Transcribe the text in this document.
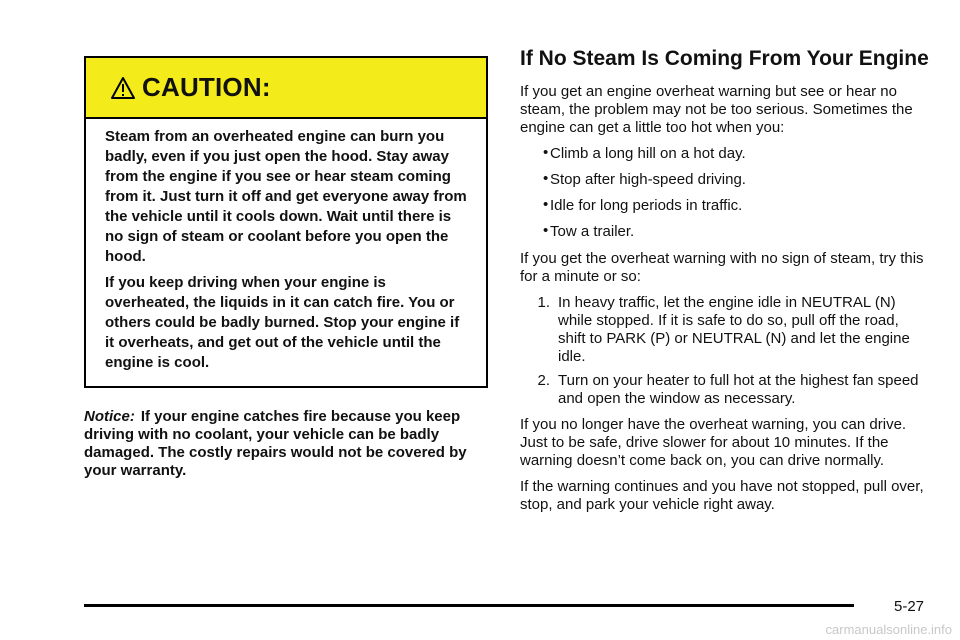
CAUTION:

Steam from an overheated engine can burn you badly, even if you just open the hood. Stay away from the engine if you see or hear steam coming from it. Just turn it off and get everyone away from the vehicle until it cools down. Wait until there is no sign of steam or coolant before you open the hood.

If you keep driving when your engine is overheated, the liquids in it can catch fire. You or others could be badly burned. Stop your engine if it overheats, and get out of the vehicle until the engine is cool.

Notice: If your engine catches fire because you keep driving with no coolant, your vehicle can be badly damaged. The costly repairs would not be covered by your warranty.
If No Steam Is Coming From Your Engine

If you get an engine overheat warning but see or hear no steam, the problem may not be too serious. Sometimes the engine can get a little too hot when you:

• Climb a long hill on a hot day.
• Stop after high-speed driving.
• Idle for long periods in traffic.
• Tow a trailer.

If you get the overheat warning with no sign of steam, try this for a minute or so:

1. In heavy traffic, let the engine idle in NEUTRAL (N) while stopped. If it is safe to do so, pull off the road, shift to PARK (P) or NEUTRAL (N) and let the engine idle.
2. Turn on your heater to full hot at the highest fan speed and open the window as necessary.

If you no longer have the overheat warning, you can drive. Just to be safe, drive slower for about 10 minutes. If the warning doesn’t come back on, you can drive normally.

If the warning continues and you have not stopped, pull over, stop, and park your vehicle right away.

5-27
carmanualsonline.info
